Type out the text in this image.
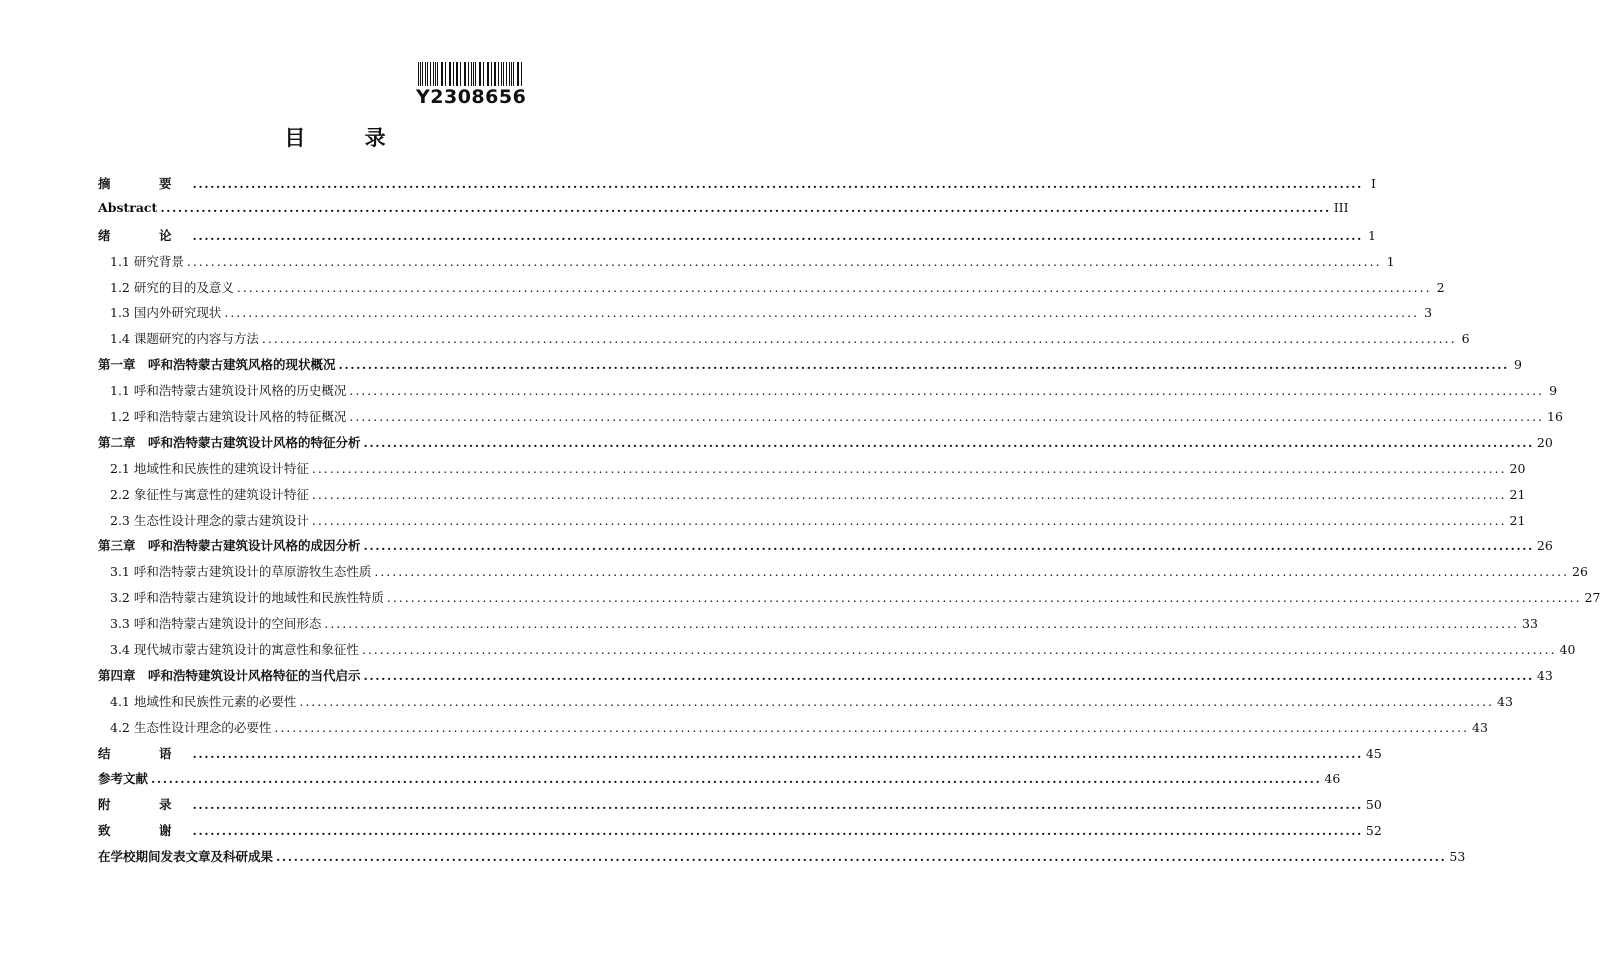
Y2308656
目 录
摘　要 ........................................................................................................................................................................................................ I
Abstract ........................................................................................................................................................................................................ III
绪　论 ........................................................................................................................................................................................................ 1
1.1 研究背景 ........................................................................................................................................................................................................ 1
1.2 研究的目的及意义 ........................................................................................................................................................................................................ 2
1.3 国内外研究现状 ........................................................................................................................................................................................................ 3
1.4 课题研究的内容与方法 ........................................................................................................................................................................................................ 6
第一章　呼和浩特蒙古建筑风格的现状概况 ........................................................................................................................................................................................................ 9
1.1 呼和浩特蒙古建筑设计风格的历史概况 ........................................................................................................................................................................................................ 9
1.2 呼和浩特蒙古建筑设计风格的特征概况 ........................................................................................................................................................................................................ 16
第二章　呼和浩特蒙古建筑设计风格的特征分析 ........................................................................................................................................................................................................ 20
2.1 地域性和民族性的建筑设计特征 ........................................................................................................................................................................................................ 20
2.2 象征性与寓意性的建筑设计特征 ........................................................................................................................................................................................................ 21
2.3 生态性设计理念的蒙古建筑设计 ........................................................................................................................................................................................................ 21
第三章　呼和浩特蒙古建筑设计风格的成因分析 ........................................................................................................................................................................................................ 26
3.1 呼和浩特蒙古建筑设计的草原游牧生态性质 ........................................................................................................................................................................................................ 26
3.2 呼和浩特蒙古建筑设计的地域性和民族性特质 ........................................................................................................................................................................................................ 27
3.3 呼和浩特蒙古建筑设计的空间形态 ........................................................................................................................................................................................................ 33
3.4 现代城市蒙古建筑设计的寓意性和象征性 ........................................................................................................................................................................................................ 40
第四章　呼和浩特建筑设计风格特征的当代启示 ........................................................................................................................................................................................................ 43
4.1 地域性和民族性元素的必要性 ........................................................................................................................................................................................................ 43
4.2 生态性设计理念的必要性 ........................................................................................................................................................................................................ 43
结　语 ........................................................................................................................................................................................................ 45
参考文献 ........................................................................................................................................................................................................ 46
附　录 ........................................................................................................................................................................................................ 50
致　谢 ........................................................................................................................................................................................................ 52
在学校期间发表文章及科研成果 ........................................................................................................................................................................................................ 53
